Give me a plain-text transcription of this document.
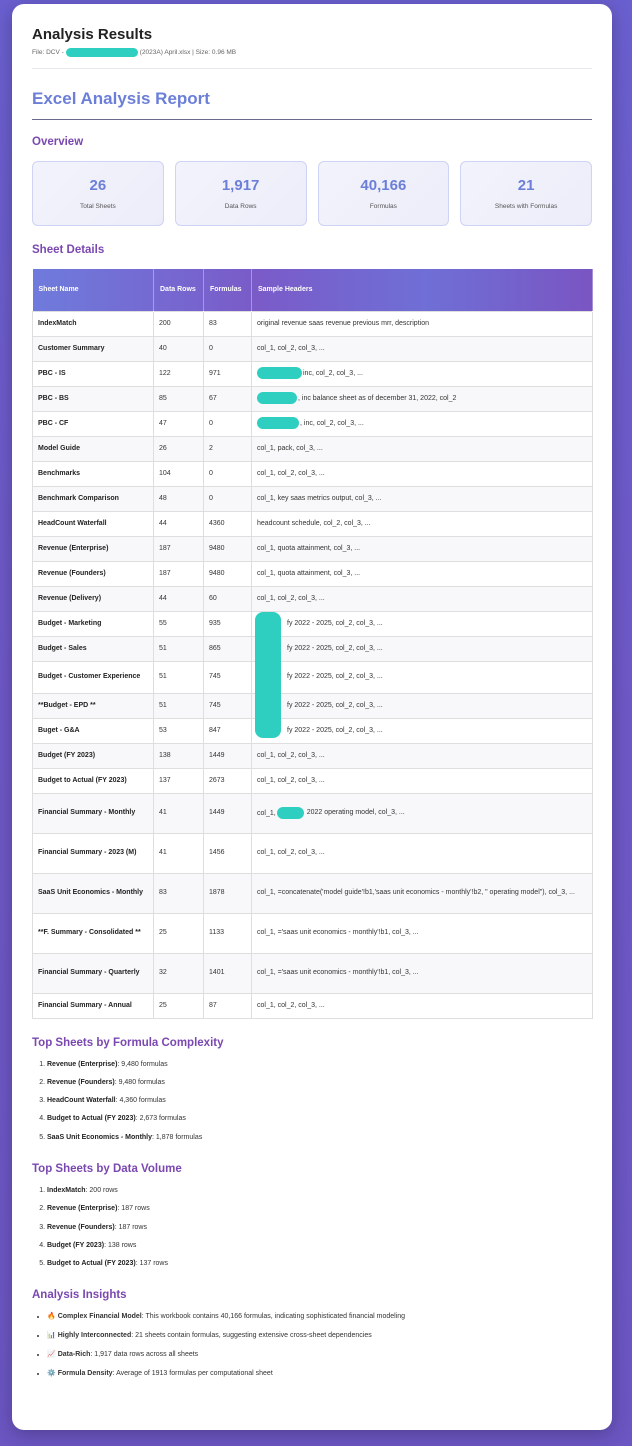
Analysis Results
File: DCV -	(2023A) April.xlsx | Size: 0.96 MB
Excel Analysis Report
Overview
26
Total Sheets
1,917
Data Rows
40,166
Formulas
21
Sheets with Formulas
Sheet Details
Sheet Name	Data Rows	Formulas	Sample Headers
IndexMatch	200	83	original revenue saas revenue previous mrr, description
Customer Summary	40	0	col_1, col_2, col_3, ...
PBC - IS	122	971	inc, col_2, col_3, ...
PBC - BS	85	67	, inc balance sheet as of december 31, 2022, col_2
PBC - CF	47	0	, inc, col_2, col_3, ...
Model Guide	26	2	col_1, pack, col_3, ...
Benchmarks	104	0	col_1, col_2, col_3, ...
Benchmark Comparison	48	0	col_1, key saas metrics output, col_3, ...
HeadCount Waterfall	44	4360	headcount schedule, col_2, col_3, ...
Revenue (Enterprise)	187	9480	col_1, quota attainment, col_3, ...
Revenue (Founders)	187	9480	col_1, quota attainment, col_3, ...
Revenue (Delivery)	44	60	col_1, col_2, col_3, ...
Budget - Marketing	55	935	fy 2022 - 2025, col_2, col_3, ...

Budget - Sales	51	865	fy 2022 - 2025, col_2, col_3, ...
Budget - Customer Experience	51	745	fy 2022 - 2025, col_2, col_3, ...
**Budget - EPD **	51	745	fy 2022 - 2025, col_2, col_3, ...
Buget - G&A	53	847	fy 2022 - 2025, col_2, col_3, ...
Budget (FY 2023)	138	1449	col_1, col_2, col_3, ...
Budget to Actual (FY 2023)	137	2673	col_1, col_2, col_3, ...
Financial Summary - Monthly	41	1449	col_1, 2022 operating model, col_3, ...
Financial Summary - 2023 (M)	41	1456	col_1, col_2, col_3, ...
SaaS Unit Economics - Monthly	83	1878	col_1, =concatenate('model guide'!b1,'saas unit economics - monthly'!b2, " operating model"), col_3, ...
**F. Summary - Consolidated **	25	1133	col_1, ='saas unit economics - monthly'!b1, col_3, ...
Financial Summary - Quarterly	32	1401	col_1, ='saas unit economics - monthly'!b1, col_3, ...
Financial Summary - Annual	25	87	col_1, col_2, col_3, ...
Top Sheets by Formula Complexity
1. Revenue (Enterprise): 9,480 formulas
2. Revenue (Founders): 9,480 formulas
3. HeadCount Waterfall: 4,360 formulas
4. Budget to Actual (FY 2023): 2,673 formulas
5. SaaS Unit Economics - Monthly: 1,878 formulas
Top Sheets by Data Volume
1. IndexMatch: 200 rows
2. Revenue (Enterprise): 187 rows
3. Revenue (Founders): 187 rows
4. Budget (FY 2023): 138 rows
5. Budget to Actual (FY 2023): 137 rows
Analysis Insights
• 🔥 Complex Financial Model: This workbook contains 40,166 formulas, indicating sophisticated financial modeling
• 📊 Highly Interconnected: 21 sheets contain formulas, suggesting extensive cross-sheet dependencies
• 📈 Data-Rich: 1,917 data rows across all sheets
• ⚙️ Formula Density: Average of 1913 formulas per computational sheet
